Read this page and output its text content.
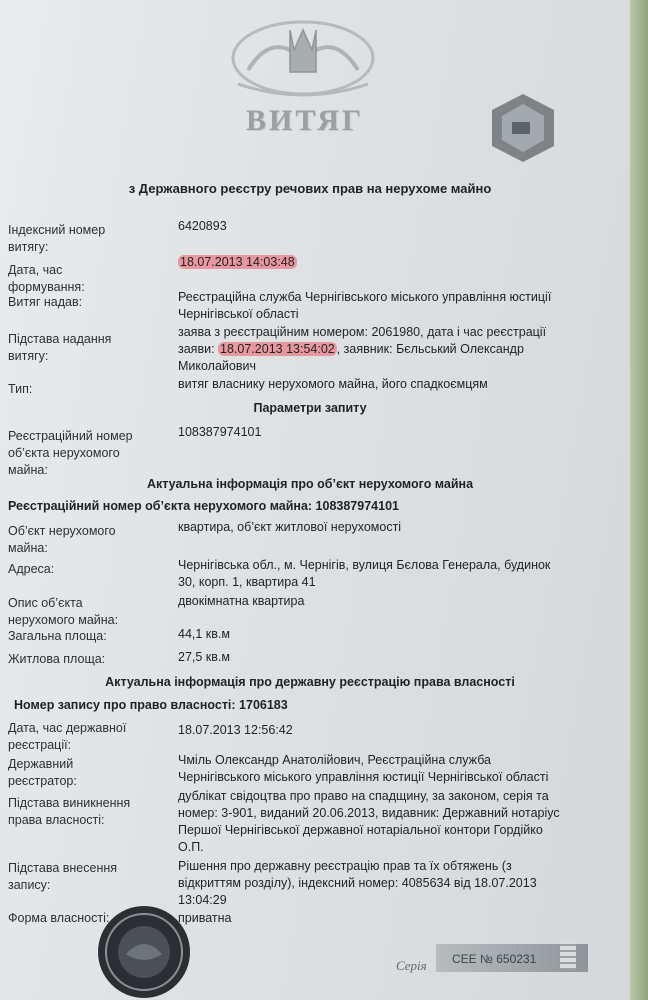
ВИТЯГ
з Державного реєстру речових прав на нерухоме майно
Індексний номер
витягу:
6420893
Дата, час
формування:
18.07.2013 14:03:48
Витяг надав:	Реєстраційна служба Чернігівського міського управління юстиції
Чернігівської області
Підстава надання
витягу:
заява з реєстраційним номером: 2061980, дата і час реєстрації
заяви: 18.07.2013 13:54:02 , заявник: Бєльський Олександр
Миколайович
Тип:	витяг власнику нерухомого майна, його спадкоємцям
Параметри запиту
Реєстраційний номер
об’єкта нерухомого
майна:
108387974101
Актуальна інформація про об’єкт нерухомого майна
Реєстраційний номер об’єкта нерухомого майна: 108387974101
Об’єкт нерухомого
майна:
квартира, об’єкт житлової нерухомості
Адреса:	Чернігівська обл., м. Чернігів, вулиця Бєлова Генерала, будинок
30, корп. 1, квартира 41
Опис об’єкта
нерухомого майна:
двокімнатна квартира
Загальна площа:	44,1 кв.м
Житлова площа:	27,5 кв.м
Актуальна інформація про державну реєстрацію права власності
Номер запису про право власності: 1706183
Дата, час державної
реєстрації:
18.07.2013 12:56:42
Державний
реєстратор:
Чміль Олександр Анатолійович, Реєстраційна служба
Чернігівського міського управління юстиції Чернігівської області
Підстава виникнення
права власності:
дублікат свідоцтва про право на спадщину, за законом, серія та
номер: 3-901, виданий 20.06.2013, видавник: Державний нотаріус
Першої Чернігівської державної нотаріальної контори Гордійко
О.П.
Підстава внесення
запису:
Рішення про державну реєстрацію прав та їх обтяжень (з
відкриттям розділу), індексний номер: 4085634 від 18.07.2013
13:04:29
Форма власності:	приватна
Серія СЕЕ № 650231
